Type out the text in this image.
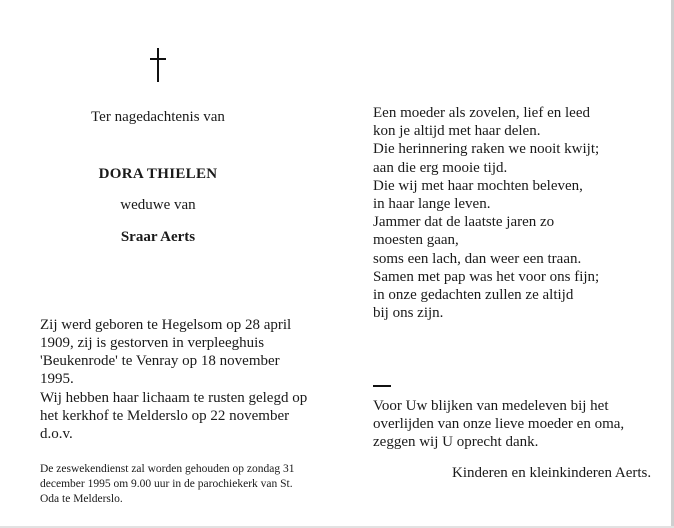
Ter nagedachtenis van
DORA THIELEN
weduwe van
Sraar Aerts
Zij werd geboren te Hegelsom op 28 april 1909, zij is gestorven in verpleeghuis 'Beukenrode' te Venray op 18 november 1995.
Wij hebben haar lichaam te rusten gelegd op het kerkhof te Melderslo op 22 november d.o.v.
De zeswekendienst zal worden gehouden op zondag 31 december 1995 om 9.00 uur in de parochiekerk van St. Oda te Melderslo.
Een moeder als zovelen, lief en leed
kon je altijd met haar delen.
Die herinnering raken we nooit kwijt;
aan die erg mooie tijd.
Die wij met haar mochten beleven,
in haar lange leven.
Jammer dat de laatste jaren zo
moesten gaan,
soms een lach, dan weer een traan.
Samen met pap was het voor ons fijn;
in onze gedachten zullen ze altijd
bij ons zijn.
Voor Uw blijken van medeleven bij het overlijden van onze lieve moeder en oma, zeggen wij U oprecht dank.
Kinderen en kleinkinderen Aerts.
